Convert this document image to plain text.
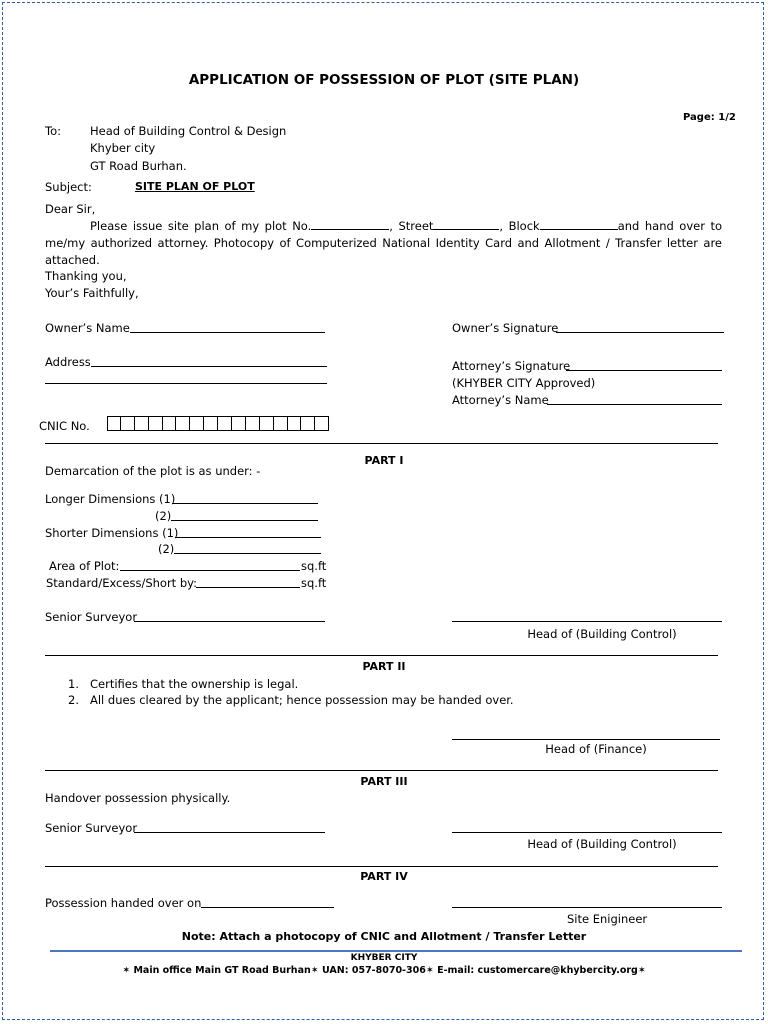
APPLICATION OF POSSESSION OF PLOT (SITE PLAN)
Page: 1/2
To:	Head of Building Control & Design
Khyber city
GT Road Burhan.
Subject:	SITE PLAN OF PLOT
Dear Sir,
Please issue site plan of my plot No.	, Street	, Block	and hand over to me/my authorized attorney. Photocopy of Computerized National Identity Card and Allotment / Transfer letter are attached.
Thanking you,
Your’s Faithfully,
Owner’s Name	Owner’s Signature
Address	Attorney’s Signature
(KHYBER CITY Approved)
Attorney’s Name
CNIC No.
PART I
Demarcation of the plot is as under: -
Longer Dimensions (1)
(2)
Shorter Dimensions (1)
(2)
Area of Plot:	sq.ft
Standard/Excess/Short by:	sq.ft
Senior Surveyor
Head of (Building Control)
PART II
1. Certifies that the ownership is legal.
2. All dues cleared by the applicant; hence possession may be handed over.
Head of (Finance)
PART III
Handover possession physically.
Senior Surveyor
Head of (Building Control)
PART IV
Possession handed over on
Site Enigineer
Note: Attach a photocopy of CNIC and Allotment / Transfer Letter
KHYBER CITY
✶ Main office Main GT Road Burhan✶ UAN: 057-8070-306✶ E-mail: customercare@khybercity.org✶
